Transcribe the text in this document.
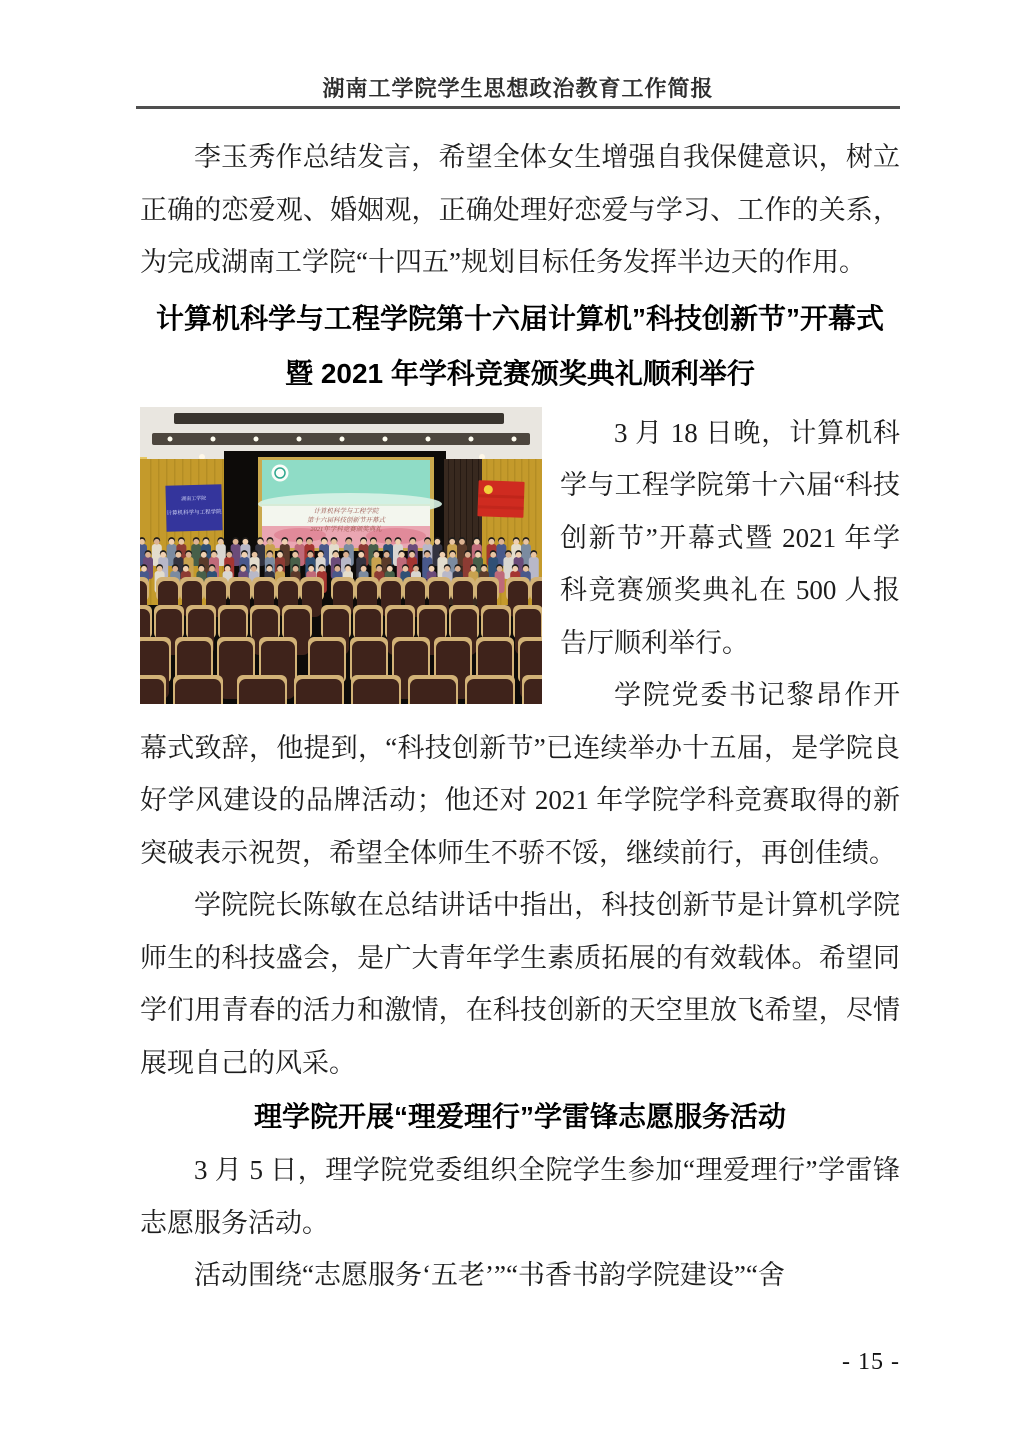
湖南工学院学生思想政治教育工作简报

李玉秀作总结发言，希望全体女生增强自我保健意识，树立正确的恋爱观、婚姻观，正确处理好恋爱与学习、工作的关系，为完成湖南工学院“十四五”规划目标任务发挥半边天的作用。

计算机科学与工程学院第十六届计算机”科技创新节”开幕式
暨 2021 年学科竞赛颁奖典礼顺利举行
湖南工学院
计算机科学与工程学院	计算机科学与工程学院
第十六届科技创新节开幕式
2021年学科竞赛颁奖典礼

3 月 18 日晚，计算机科学与工程学院第十六届“科技创新节”开幕式暨 2021 年学科竞赛颁奖典礼在 500 人报告厅顺利举行。

学院党委书记黎昂作开幕式致辞，他提到，“科技创新节”已连续举办十五届，是学院良好学风建设的品牌活动；他还对 2021 年学院学科竞赛取得的新突破表示祝贺，希望全体师生不骄不馁，继续前行，再创佳绩。

学院院长陈敏在总结讲话中指出，科技创新节是计算机学院师生的科技盛会，是广大青年学生素质拓展的有效载体。希望同学们用青春的活力和激情，在科技创新的天空里放飞希望，尽情展现自己的风采。

理学院开展“理爱理行”学雷锋志愿服务活动

3 月 5 日，理学院党委组织全院学生参加“理爱理行”学雷锋志愿服务活动。

活动围绕“志愿服务‘五老’”“书香书韵学院建设”“舍

- 15 -
